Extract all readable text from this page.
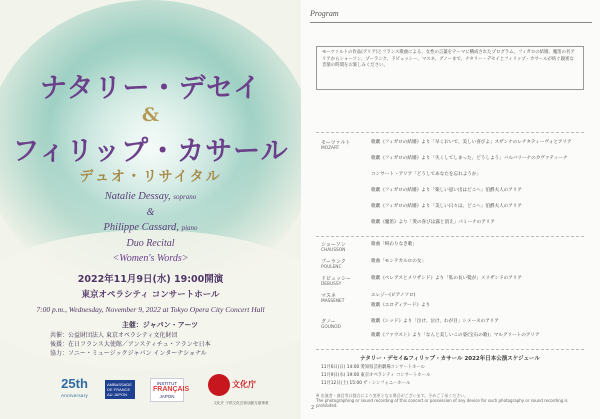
ナタリー・デセイ
&
フィリップ・カサール
デュオ・リサイタル
Natalie Dessay, soprano
&
Philippe Cassard, piano
Duo Recital
<Women's Words>
2022年11月9日(水) 19:00開演
東京オペラシティ コンサートホール
7:00 p.m., Wednesday, November 9, 2022 at Tokyo Opera City Concert Hall
主催：ジャパン・アーツ
共催：公益財団法人 東京オペラシティ文化財団
後援：在日フランス大使館／アンスティチュ・フランセ日本
協力：ソニー・ミュージックジャパン インターナショナル
25th
Anniversary
AMBASSADE DE FRANCE AU JAPON
INSTITUT
FRANÇAIS
JAPON
文化庁
文化庁 子供文化芸術活動支援事業
Program
モーツァルトの作品(アリア)とフランス歌曲による、女性の言葉をテーマに構成されたプログラム。フィガロの結婚、魔笛の名アリアからショーソン、プーランク、ドビュッシー、マスネ、グノーまで、ナタリー・デセイとフィリップ・カサールが紡ぐ親密な音楽の時間をお楽しみください。
モーツァルト
MOZART
歌劇《フィガロの結婚》より「早くおいで、美しい喜びよ」スザンナのレチタティーヴォとアリア
歌劇《フィガロの結婚》より「失くしてしまった、どうしよう」バルバリーナのカヴァティーナ
コンサート・アリア「どうしてあなたを忘れようか」
歌劇《フィガロの結婚》より「楽しい思い出はどこへ」伯爵夫人のアリア
歌劇《フィガロの結婚》より「美しい日々は、どこへ」伯爵夫人のアリア
歌劇《魔笛》より「愛の喜びは露と消え」パミーナのアリア
ショーソン
CHAUSSON
歌曲「終わりなき歌」
プーランク
POULENC
歌曲「モンテカルロの女」
ドビュッシー
DEBUSSY
歌劇《ペレアスとメリザンド》より「私の長い髪が」メリザンドのアリア
マスネ
MASSENET
エレジー(ピアノソロ)
歌劇《エロディアード》より
グノー
GOUNOD
歌劇《シッド》より「泣け、泣け、わが目」シメーヌのアリア
歌劇《ファウスト》より「なんと美しいこの姿(宝石の歌)」マルグリートのアリア
ナタリー・デセイ&フィリップ・カサール 2022年日本公演スケジュール
11月6日(日) 14:00 愛知県芸術劇場コンサートホール
11月9日(水) 19:00 東京オペラシティ コンサートホール
11月12日(土) 15:00 ザ・シンフォニーホール
※ 出演者・曲目等は都合により変更となる場合がございます。予めご了承ください。
The photographing or sound recording of this concert or possession of any device for such photography or sound recording is prohibited.
2
